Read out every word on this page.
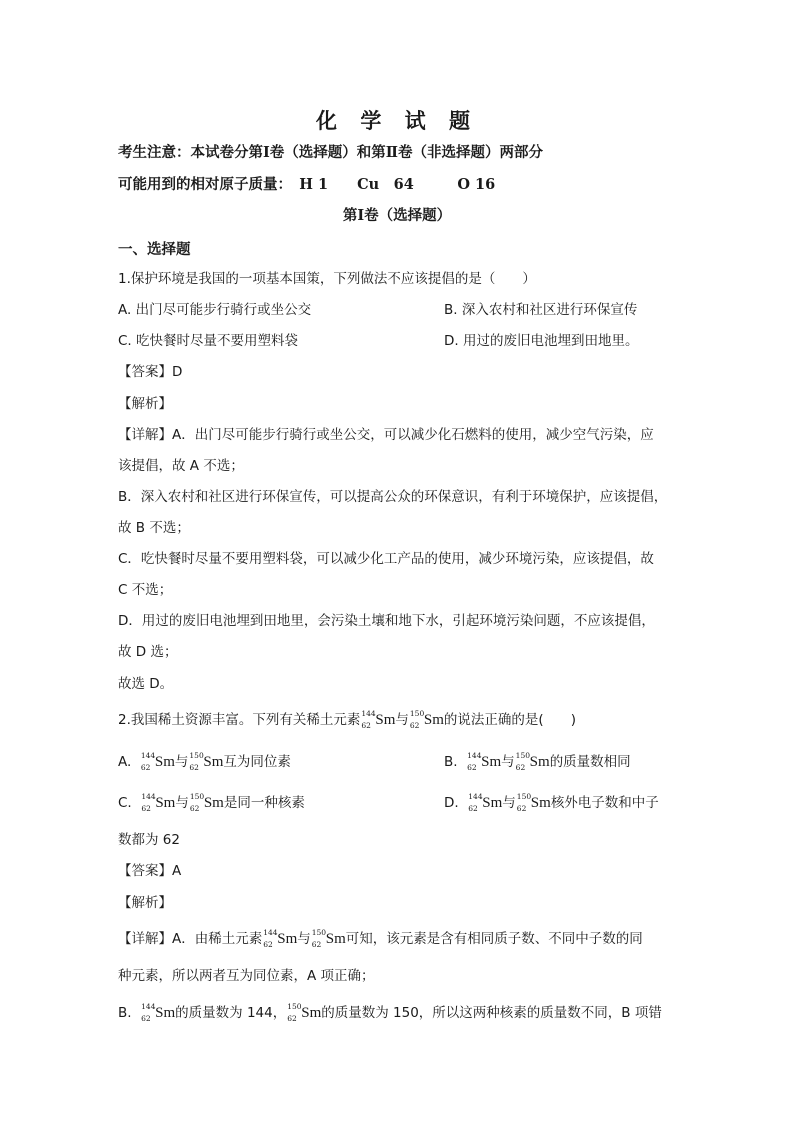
化 学 试 题
考生注意：本试卷分第Ⅰ卷（选择题）和第Ⅱ卷（非选择题）两部分
可能用到的相对原子质量：　H 1　　Cu　64　　　O 16
第Ⅰ卷（选择题）
一、选择题
1.保护环境是我国的一项基本国策，下列做法不应该提倡的是（　　）
A. 出门尽可能步行骑行或坐公交	B. 深入农村和社区进行环保宣传
C. 吃快餐时尽量不要用塑料袋	D. 用过的废旧电池埋到田地里。
【答案】D
【解析】
【详解】A．出门尽可能步行骑行或坐公交，可以减少化石燃料的使用，减少空气污染，应
该提倡，故 A 不选；
B．深入农村和社区进行环保宣传，可以提高公众的环保意识，有利于环境保护，应该提倡，
故 B 不选；
C．吃快餐时尽量不要用塑料袋，可以减少化工产品的使用，减少环境污染，应该提倡，故
C 不选；
D．用过的废旧电池埋到田地里，会污染土壤和地下水，引起环境污染问题，不应该提倡，
故 D 选；
故选 D。
2.我国稀土资源丰富。下列有关稀土元素 144
62 Sm与 150
62 Sm的说法正确的是(　　)
A. 144
62 Sm与 150
62 Sm互为同位素	B. 144
62 Sm与 150
62 Sm的质量数相同
C. 144
62 Sm与 150
62 Sm是同一种核素	D. 144
62 Sm与 150
62 Sm核外电子数和中子
数都为 62
【答案】A
【解析】
【详解】A．由稀土元素 144
62 Sm与 150
62 Sm可知，该元素是含有相同质子数、不同中子数的同
种元素，所以两者互为同位素，A 项正确；
B. 144
62 Sm的质量数为 144， 150
62 Sm的质量数为 150，所以这两种核素的质量数不同，B 项错
